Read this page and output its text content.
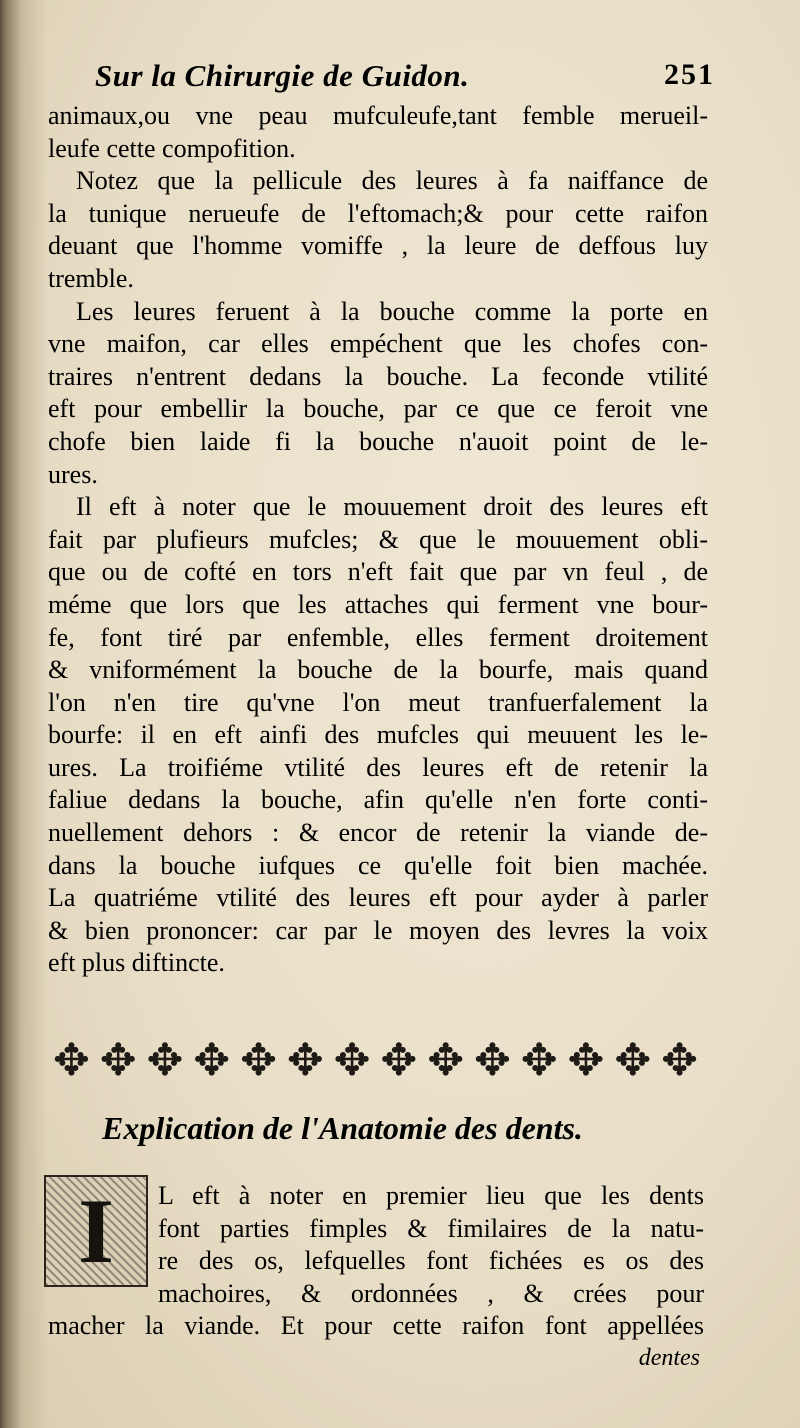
Sur la Chirurgie de Guidon.	251
animaux,ou vne peau mufculeufe,tant femble merueil-
leufe cette compofition.
Notez que la pellicule des leures à fa naiffance de
la tunique nerueufe de l'eftomach;& pour cette raifon
deuant que l'homme vomiffe , la leure de deffous luy
tremble.
Les leures feruent à la bouche comme la porte en
vne maifon, car elles empéchent que les chofes con-
traires n'entrent dedans la bouche. La feconde vtilité
eft pour embellir la bouche, par ce que ce feroit vne
chofe bien laide fi la bouche n'auoit point de le-
ures.
Il eft à noter que le mouuement droit des leures eft
fait par plufieurs mufcles; & que le mouuement obli-
que ou de cofté en tors n'eft fait que par vn feul , de
méme que lors que les attaches qui ferment vne bour-
fe, font tiré par enfemble, elles ferment droitement
& vniformément la bouche de la bourfe, mais quand
l'on n'en tire qu'vne l'on meut tranfuerfalement la
bourfe: il en eft ainfi des mufcles qui meuuent les le-
ures. La troifiéme vtilité des leures eft de retenir la
faliue dedans la bouche, afin qu'elle n'en forte conti-
nuellement dehors : & encor de retenir la viande de-
dans la bouche iufques ce qu'elle foit bien machée.
La quatriéme vtilité des leures eft pour ayder à parler
& bien prononcer: car par le moyen des levres la voix
eft plus diftincte.
✥ ✥ ✥ ✥ ✥ ✥ ✥ ✥ ✥ ✥ ✥ ✥ ✥ ✥
Explication de l'Anatomie des dents.
I	L eft à noter en premier lieu que les dents
font parties fimples & fimilaires de la natu-
re des os, lefquelles font fichées es os des
machoires, & ordonnées , & crées pour
macher la viande. Et pour cette raifon font appellées
dentes
